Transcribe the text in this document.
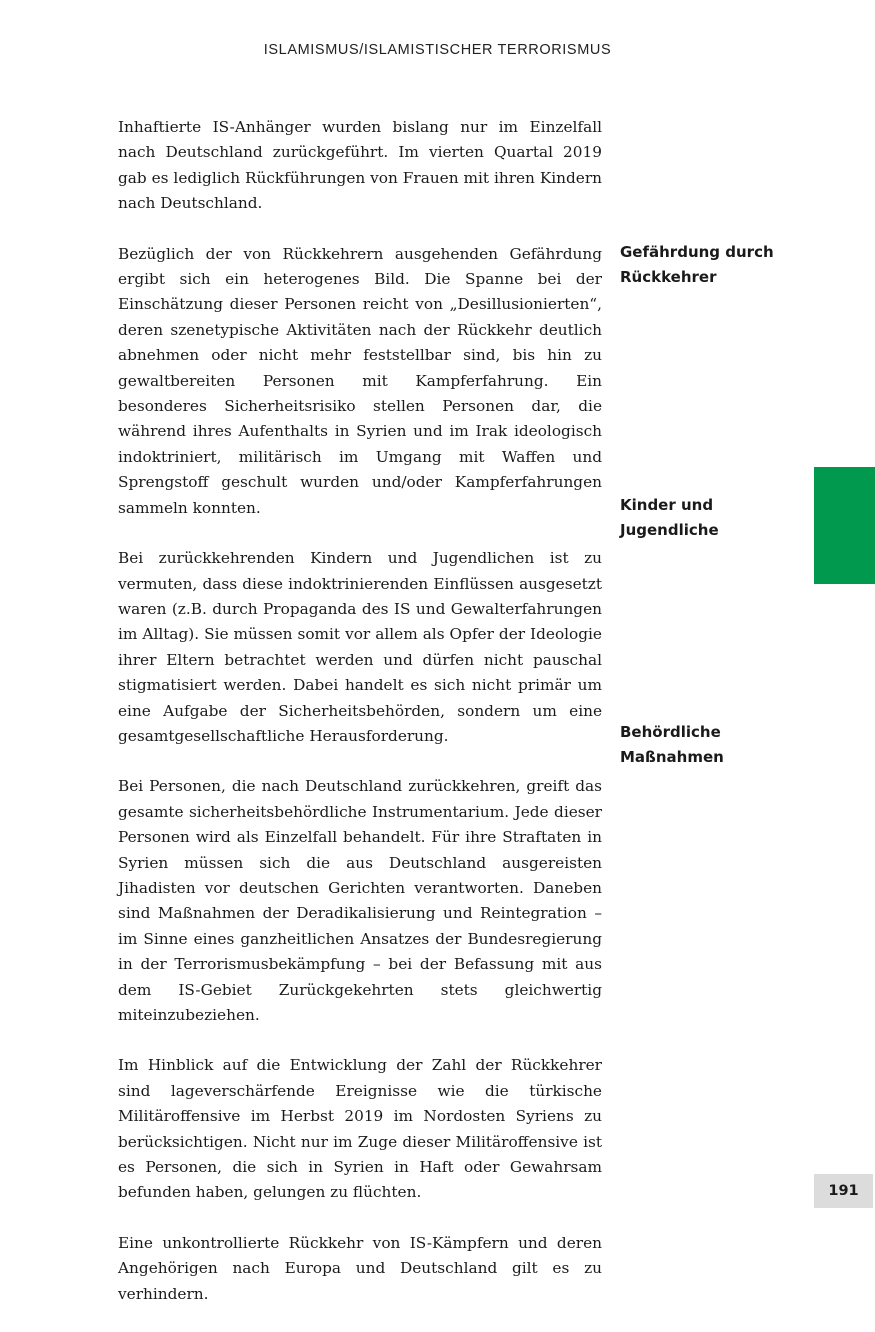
ISLAMISMUS/ISLAMISTISCHER TERRORISMUS

Inhaftierte IS-Anhänger wurden bislang nur im Einzelfall nach Deutschland zurückgeführt. Im vierten Quartal 2019 gab es lediglich Rückführungen von Frauen mit ihren Kindern nach Deutschland.

Bezüglich der von Rückkehrern ausgehenden Gefährdung ergibt sich ein heterogenes Bild. Die Spanne bei der Einschätzung dieser Personen reicht von „Desillusionierten“, deren szenetypische Aktivitäten nach der Rückkehr deutlich abnehmen oder nicht mehr feststellbar sind, bis hin zu gewaltbereiten Personen mit Kampferfahrung. Ein besonderes Sicherheitsrisiko stellen Personen dar, die während ihres Aufenthalts in Syrien und im Irak ideologisch indoktriniert, militärisch im Umgang mit Waffen und Sprengstoff geschult wurden und/oder Kampferfahrungen sammeln konnten.

Bei zurückkehrenden Kindern und Jugendlichen ist zu vermuten, dass diese indoktrinierenden Einflüssen ausgesetzt waren (z.B. durch Propaganda des IS und Gewalterfahrungen im Alltag). Sie müssen somit vor allem als Opfer der Ideologie ihrer Eltern betrachtet werden und dürfen nicht pauschal stigmatisiert werden. Dabei handelt es sich nicht primär um eine Aufgabe der Sicherheitsbehörden, sondern um eine gesamtgesellschaftliche Herausforderung.

Bei Personen, die nach Deutschland zurückkehren, greift das gesamte sicherheitsbehördliche Instrumentarium. Jede dieser Personen wird als Einzelfall behandelt. Für ihre Straftaten in Syrien müssen sich die aus Deutschland ausgereisten Jihadisten vor deutschen Gerichten verantworten. Daneben sind Maßnahmen der Deradikalisierung und Reintegration – im Sinne eines ganzheitlichen Ansatzes der Bundesregierung in der Terrorismusbekämpfung – bei der Befassung mit aus dem IS-Gebiet Zurückgekehrten stets gleichwertig miteinzubeziehen.

Im Hinblick auf die Entwicklung der Zahl der Rückkehrer sind lageverschärfende Ereignisse wie die türkische Militäroffensive im Herbst 2019 im Nordosten Syriens zu berücksichtigen. Nicht nur im Zuge dieser Militäroffensive ist es Personen, die sich in Syrien in Haft oder Gewahrsam befunden haben, gelungen zu flüchten.

Eine unkontrollierte Rückkehr von IS-Kämpfern und deren Angehörigen nach Europa und Deutschland gilt es zu verhindern.

Gefährdung durch
Rückkehrer
Kinder und
Jugendliche
Behördliche
Maßnahmen
191
